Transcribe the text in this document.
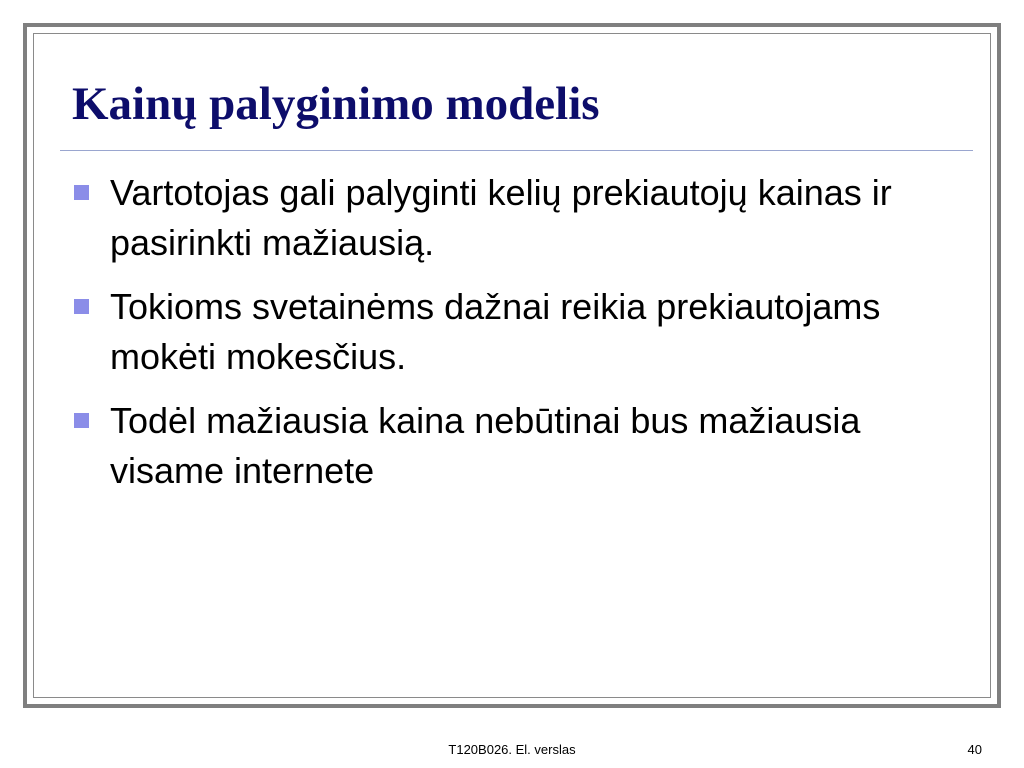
Kainų palyginimo modelis
Vartotojas gali palyginti kelių prekiautojų kainas ir pasirinkti mažiausią.
Tokioms svetainėms dažnai reikia prekiautojams mokėti mokesčius.
Todėl mažiausia kaina nebūtinai bus mažiausia visame internete
T120B026. El. verslas	40
